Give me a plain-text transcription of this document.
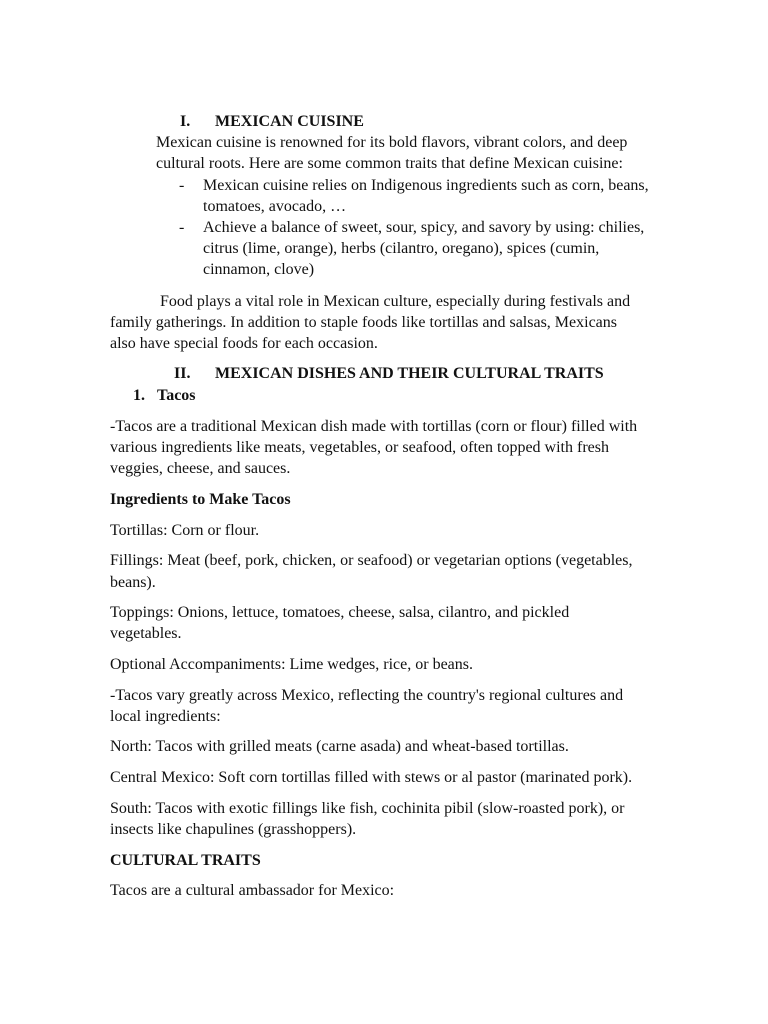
I. MEXICAN CUISINE
Mexican cuisine is renowned for its bold flavors, vibrant colors, and deep
cultural roots. Here are some common traits that define Mexican cuisine:
- Mexican cuisine relies on Indigenous ingredients such as corn, beans,
tomatoes, avocado, …
- Achieve a balance of sweet, sour, spicy, and savory by using: chilies,
citrus (lime, orange), herbs (cilantro, oregano), spices (cumin,
cinnamon, clove)
Food plays a vital role in Mexican culture, especially during festivals and
family gatherings. In addition to staple foods like tortillas and salsas, Mexicans
also have special foods for each occasion.
II. MEXICAN DISHES AND THEIR CULTURAL TRAITS
1. Tacos
-Tacos are a traditional Mexican dish made with tortillas (corn or flour) filled with
various ingredients like meats, vegetables, or seafood, often topped with fresh
veggies, cheese, and sauces.
Ingredients to Make Tacos
Tortillas: Corn or flour.
Fillings: Meat (beef, pork, chicken, or seafood) or vegetarian options (vegetables,
beans).
Toppings: Onions, lettuce, tomatoes, cheese, salsa, cilantro, and pickled
vegetables.
Optional Accompaniments: Lime wedges, rice, or beans.
-Tacos vary greatly across Mexico, reflecting the country's regional cultures and
local ingredients:
North: Tacos with grilled meats (carne asada) and wheat-based tortillas.
Central Mexico: Soft corn tortillas filled with stews or al pastor (marinated pork).
South: Tacos with exotic fillings like fish, cochinita pibil (slow-roasted pork), or
insects like chapulines (grasshoppers).
CULTURAL TRAITS
Tacos are a cultural ambassador for Mexico:
